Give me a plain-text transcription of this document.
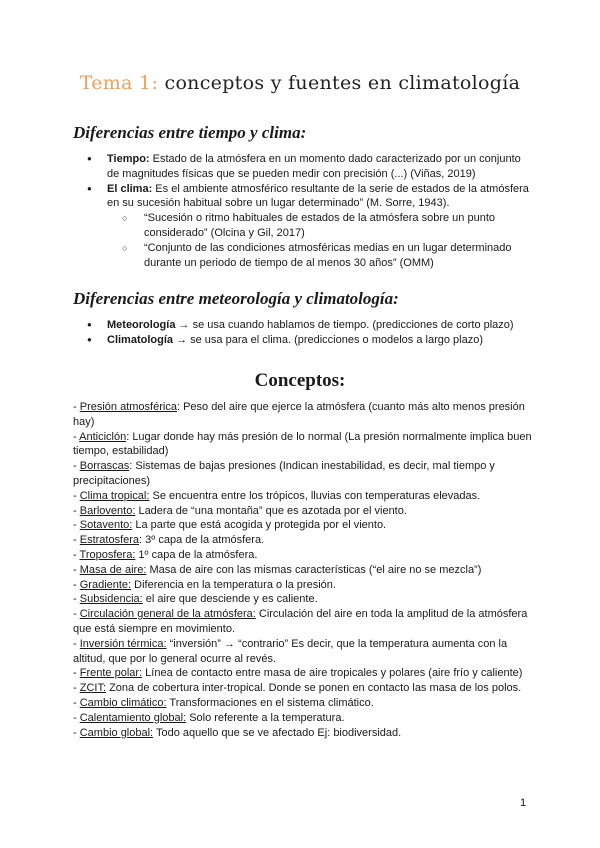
Tema 1: conceptos y fuentes en climatología
Diferencias entre tiempo y clima:
● Tiempo: Estado de la atmósfera en un momento dado caracterizado por un conjunto de magnitudes físicas que se pueden medir con precisión (...) (Viñas, 2019)
● El clima: Es el ambiente atmosférico resultante de la serie de estados de la atmósfera en su sucesión habitual sobre un lugar determinado” (M. Sorre, 1943).
○ “Sucesión o ritmo habituales de estados de la atmósfera sobre un punto considerado” (Olcina y Gil, 2017)
○ “Conjunto de las condiciones atmosféricas medias en un lugar determinado durante un periodo de tiempo de al menos 30 años” (OMM)
Diferencias entre meteorología y climatología:
● Meteorología → se usa cuando hablamos de tiempo. (predicciones de corto plazo)
● Climatología → se usa para el clima. (predicciones o modelos a largo plazo)
Conceptos:

- Presión atmosférica: Peso del aire que ejerce la atmósfera (cuanto más alto menos presión hay)

- Anticiclón: Lugar donde hay más presión de lo normal (La presión normalmente implica buen tiempo, estabilidad)

- Borrascas: Sistemas de bajas presiones (Indican inestabilidad, es decir, mal tiempo y precipitaciones)

- Clima tropical: Se encuentra entre los trópicos, lluvias con temperaturas elevadas.

- Barlovento: Ladera de “una montaña” que es azotada por el viento.

- Sotavento: La parte que está acogida y protegida por el viento.

- Estratosfera: 3º capa de la atmósfera.

- Troposfera: 1º capa de la atmósfera.

- Masa de aire: Masa de aire con las mismas características (“el aire no se mezcla”)

- Gradiente: Diferencia en la temperatura o la presión.

- Subsidencia: el aire que desciende y es caliente.

- Circulación general de la atmósfera: Circulación del aire en toda la amplitud de la atmósfera que está siempre en movimiento.

- Inversión térmica: “inversión” → “contrario” Es decir, que la temperatura aumenta con la altitud, que por lo general ocurre al revés.

- Frente polar: Línea de contacto entre masa de aire tropicales y polares (aire frío y caliente)

- ZCIT: Zona de cobertura inter-tropical. Donde se ponen en contacto las masa de los polos.

- Cambio climático: Transformaciones en el sistema climático.

- Calentamiento global: Solo referente a la temperatura.

- Cambio global: Todo aquello que se ve afectado Ej: biodiversidad.

1
